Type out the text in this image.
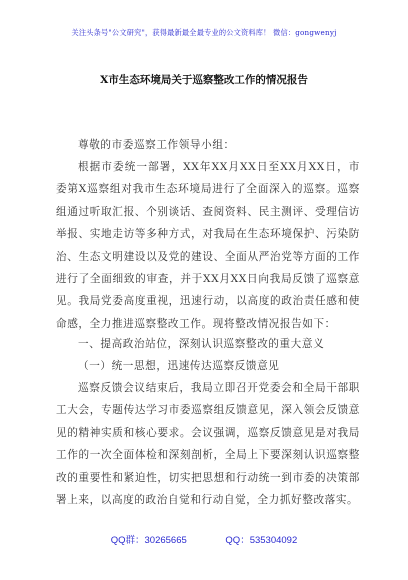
关注头条号"公文研究"，获得最新最全最专业的公文资料库！ 微信：gongwenyj
X市生态环境局关于巡察整改工作的情况报告
尊敬的市委巡察工作领导小组：
根据市委统一部署，XX年XX月XX日至XX月XX日，市委第X巡察组对我市生态环境局进行了全面深入的巡察。巡察组通过听取汇报、个别谈话、查阅资料、民主测评、受理信访举报、实地走访等多种方式，对我局在生态环境保护、污染防治、生态文明建设以及党的建设、全面从严治党等方面的工作进行了全面细致的审查，并于XX月XX日向我局反馈了巡察意见。我局党委高度重视，迅速行动，以高度的政治责任感和使命感，全力推进巡察整改工作。现将整改情况报告如下：
一、提高政治站位，深刻认识巡察整改的重大意义
（一）统一思想，迅速传达巡察反馈意见
巡察反馈会议结束后，我局立即召开党委会和全局干部职工大会，专题传达学习市委巡察组反馈意见，深入领会反馈意见的精神实质和核心要求。会议强调，巡察反馈意见是对我局工作的一次全面体检和深刻剖析，全局上下要深刻认识巡察整改的重要性和紧迫性，切实把思想和行动统一到市委的决策部署上来，以高度的政治自觉和行动自觉，全力抓好整改落实。
QQ群：30265665	QQ：535304092
